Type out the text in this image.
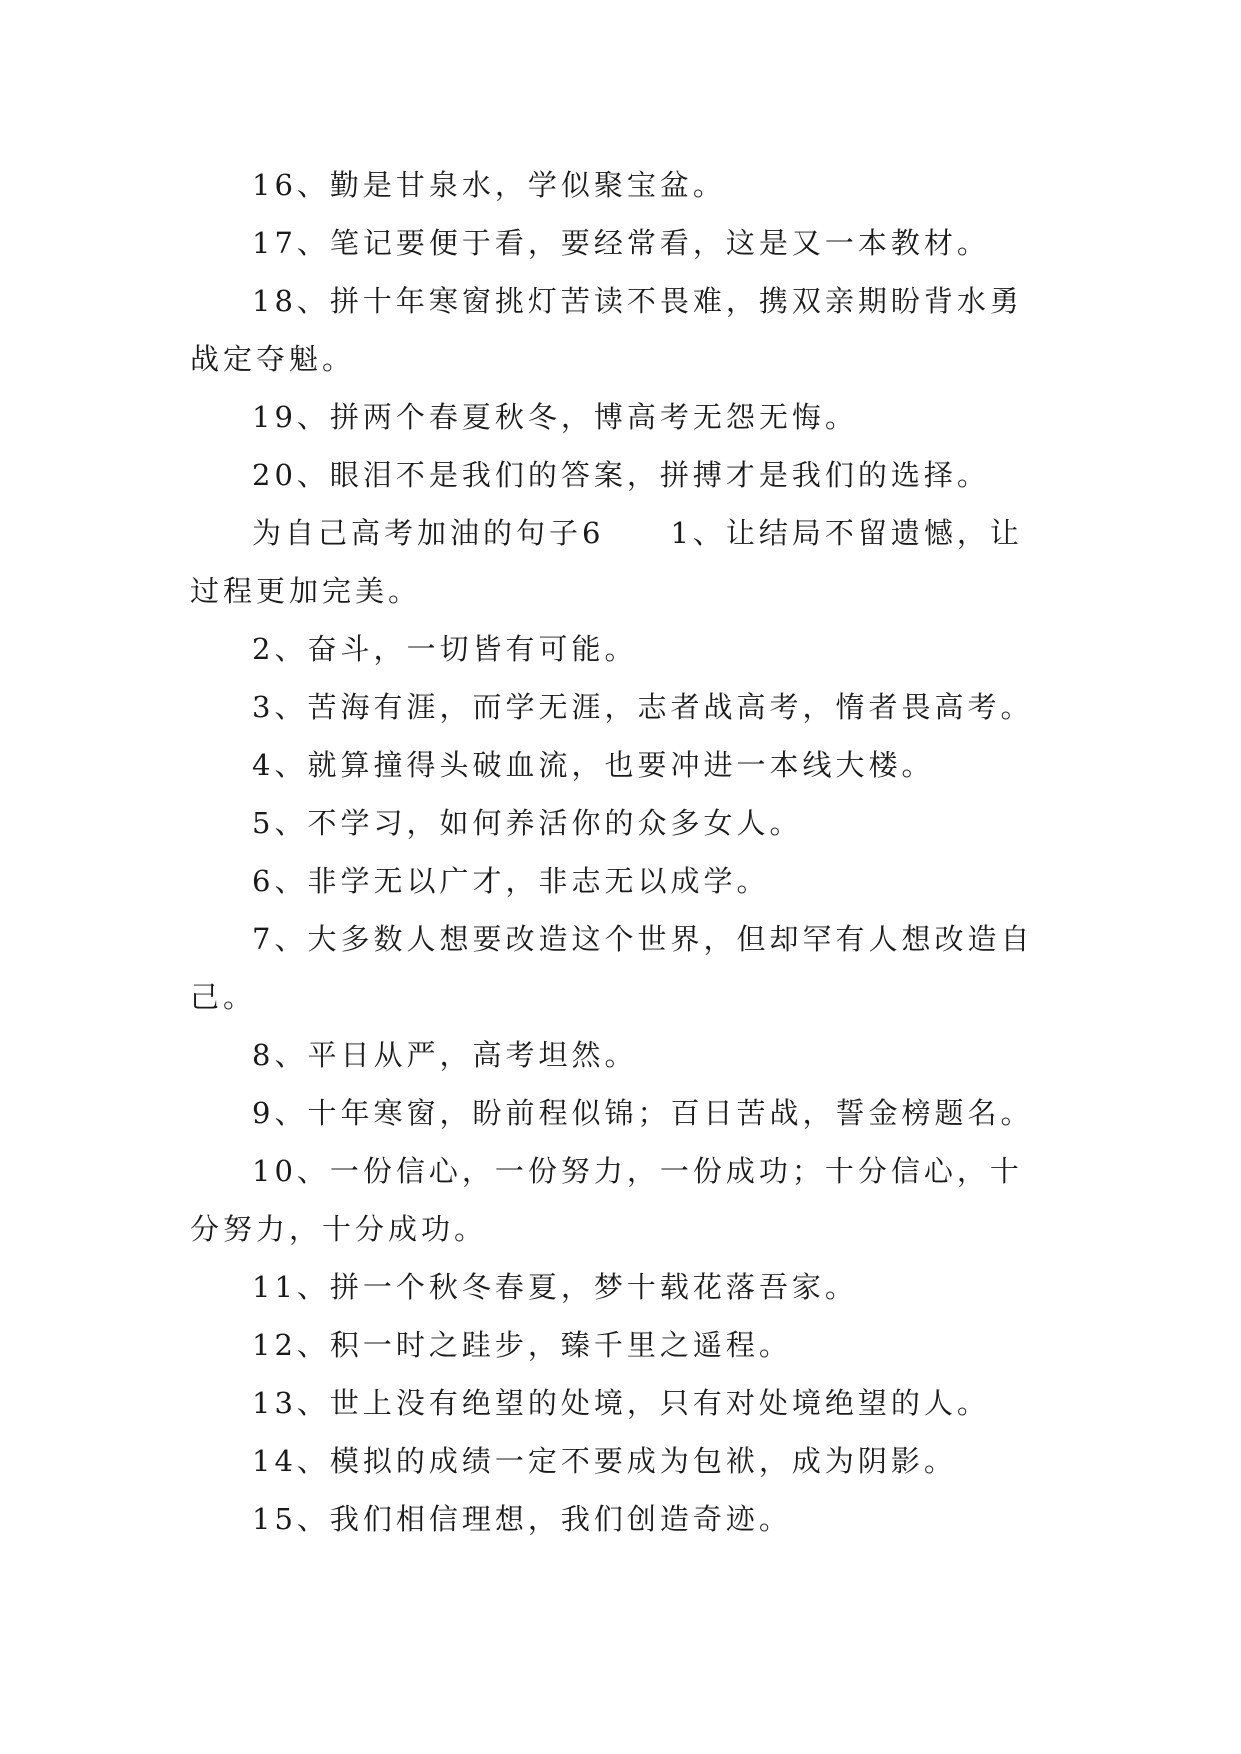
16、勤是甘泉水，学似聚宝盆。

17、笔记要便于看，要经常看，这是又一本教材。

18、拼十年寒窗挑灯苦读不畏难，携双亲期盼背水勇战定夺魁。

19、拼两个春夏秋冬，博高考无怨无悔。

20、眼泪不是我们的答案，拼搏才是我们的选择。

为自己高考加油的句子6　　1、让结局不留遗憾，让过程更加完美。

2、奋斗，一切皆有可能。

3、苦海有涯，而学无涯，志者战高考，惰者畏高考。

4、就算撞得头破血流，也要冲进一本线大楼。

5、不学习，如何养活你的众多女人。

6、非学无以广才，非志无以成学。

7、大多数人想要改造这个世界，但却罕有人想改造自己。

8、平日从严，高考坦然。

9、十年寒窗，盼前程似锦；百日苦战，誓金榜题名。

10、一份信心，一份努力，一份成功；十分信心，十分努力，十分成功。

11、拼一个秋冬春夏，梦十载花落吾家。

12、积一时之跬步，臻千里之遥程。

13、世上没有绝望的处境，只有对处境绝望的人。

14、模拟的成绩一定不要成为包袱，成为阴影。

15、我们相信理想，我们创造奇迹。
